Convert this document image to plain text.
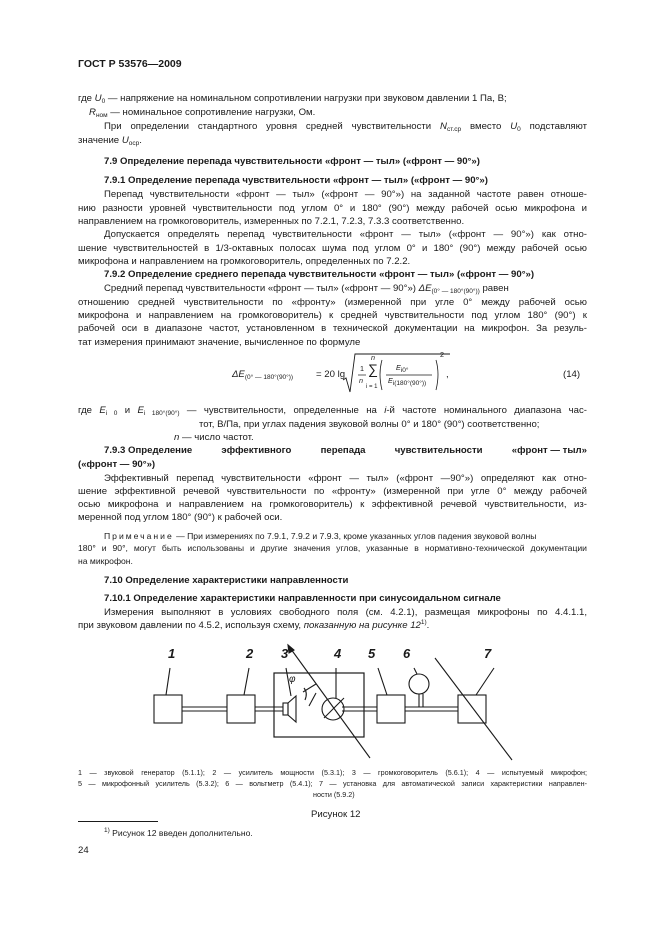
ГОСТ Р 53576—2009
где $U_0$ — напряжение на номинальном сопротивлении нагрузки при звуковом давлении 1 Па, В;
$R_{ном}$ — номинальное сопротивление нагрузки, Ом.
При определении стандартного уровня средней чувствительности $N_{ст.ср}$ вместо $U_0$ подставляют
значение $U_{оср}$.
7.9 Определение перепада чувствительности «фронт — тыл» («фронт — 90°»)
7.9.1 Определение перепада чувствительности «фронт — тыл» («фронт — 90°»)
Перепад чувствительности «фронт — тыл» («фронт — 90°») на заданной частоте равен отноше-
нию разности уровней чувствительности под углом 0° и 180° (90°) между рабочей осью микрофона и
направлением на громкоговоритель, измеренных по 7.2.1, 7.2.3, 7.3.3 соответственно.
Допускается определять перепад чувствительности «фронт — тыл» («фронт — 90°») как отно-
шение чувствительностей в 1/3-октавных полосах шума под углом 0° и 180° (90°) между рабочей осью
микрофона и направлением на громкоговоритель, определенных по 7.2.2.
7.9.2 Определение среднего перепада чувствительности «фронт — тыл» («фронт — 90°»)
Средний перепад чувствительности «фронт — тыл» («фронт — 90°») $\Delta E_{(0^\circ — 180^\circ(90^\circ))}$ равен
отношению средней чувствительности по «фронту» (измеренной при угле 0° между рабочей осью
микрофона и направлением на громкоговоритель) к средней чувствительности под углом 180° (90°) к
рабочей оси в диапазоне частот, установленном в технической документации на микрофон. За резуль-
тат измерения принимают значение, вычисленное по формуле
$\Delta E_{(0^\circ — 180^\circ(90^\circ))} = 20$ lg
1
n
n
∑
i = 1
$E_{i0^\circ}$
$E_{i(180^\circ(90^\circ))}$
2
,	(14)
где $E_{i 0}$ и $E_{i 180^\circ(90^\circ)}$ — чувствительности, определенные на i-й частоте номинального диапазона час-
тот, В/Па, при углах падения звуковой волны 0° и 180° (90°) соответственно;
n — число частот.
7.9.3 Определение	эффективного	перепада	чувствительности	«фронт — тыл»
(«фронт — 90°»)
Эффективный перепад чувствительности «фронт — тыл» («фронт —90°») определяют как отно-
шение эффективной речевой чувствительности по «фронту» (измеренной при угле 0° между рабочей
осью микрофона и направлением на громкоговоритель) к эффективной речевой чувствительности, из-
меренной под углом 180° (90°) к рабочей оси.
Примечание — При измерениях по 7.9.1, 7.9.2 и 7.9.3, кроме указанных углов падения звуковой волны
180° и 90°, могут быть использованы и другие значения углов, указанные в нормативно-технической документации
на микрофон.
7.10 Определение характеристики направленности
7.10.1 Определение характеристики направленности при синусоидальном сигнале
Измерения выполняют в условиях свободного поля (см. 4.2.1), размещая микрофоны по 4.4.1.1,
при звуковом давлении по 4.5.2, используя схему, показанную на рисунке 12$^{1)}$.
1	2 3	4 5 6	7
φ
1 — звуковой генератор (5.1.1); 2 — усилитель мощности (5.3.1); 3 — громкоговоритель (5.6.1); 4 — испытуемый микрофон;
5 — микрофонный усилитель (5.3.2); 6 — вольтметр (5.4.1); 7 — установка для автоматической записи характеристики направлен-
ности (5.9.2)
Рисунок 12
$^{1)}$ Рисунок 12 введен дополнительно.
24
